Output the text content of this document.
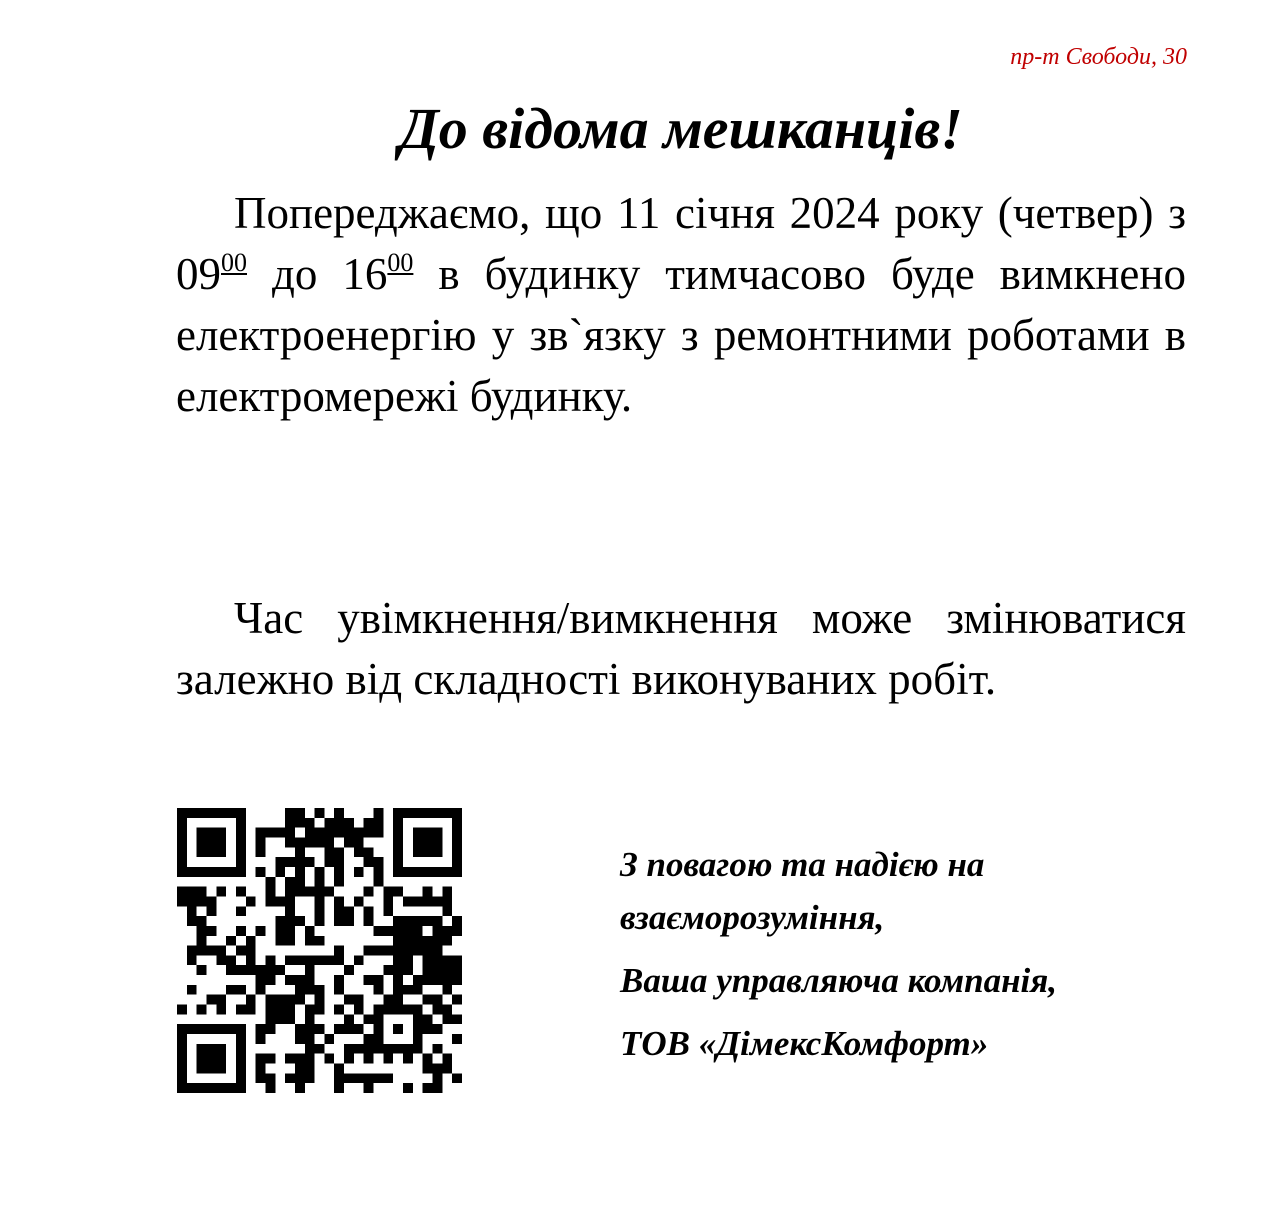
пр-т Свободи, 30
До відома мешканців!

Попереджаємо, що 11 січня 2024 року (четвер) з $09^{00}$ до $16^{00}$ в будинку тимчасово буде вимкнено електроенергію у зв`язку з ремонтними роботами в електромережі будинку.

Час увімкнення/вимкнення може змінюватися залежно від складності виконуваних робіт.

З повагою та надією на взаєморозуміння,
Ваша управляюча компанія,
ТОВ «ДімексКомфорт»
